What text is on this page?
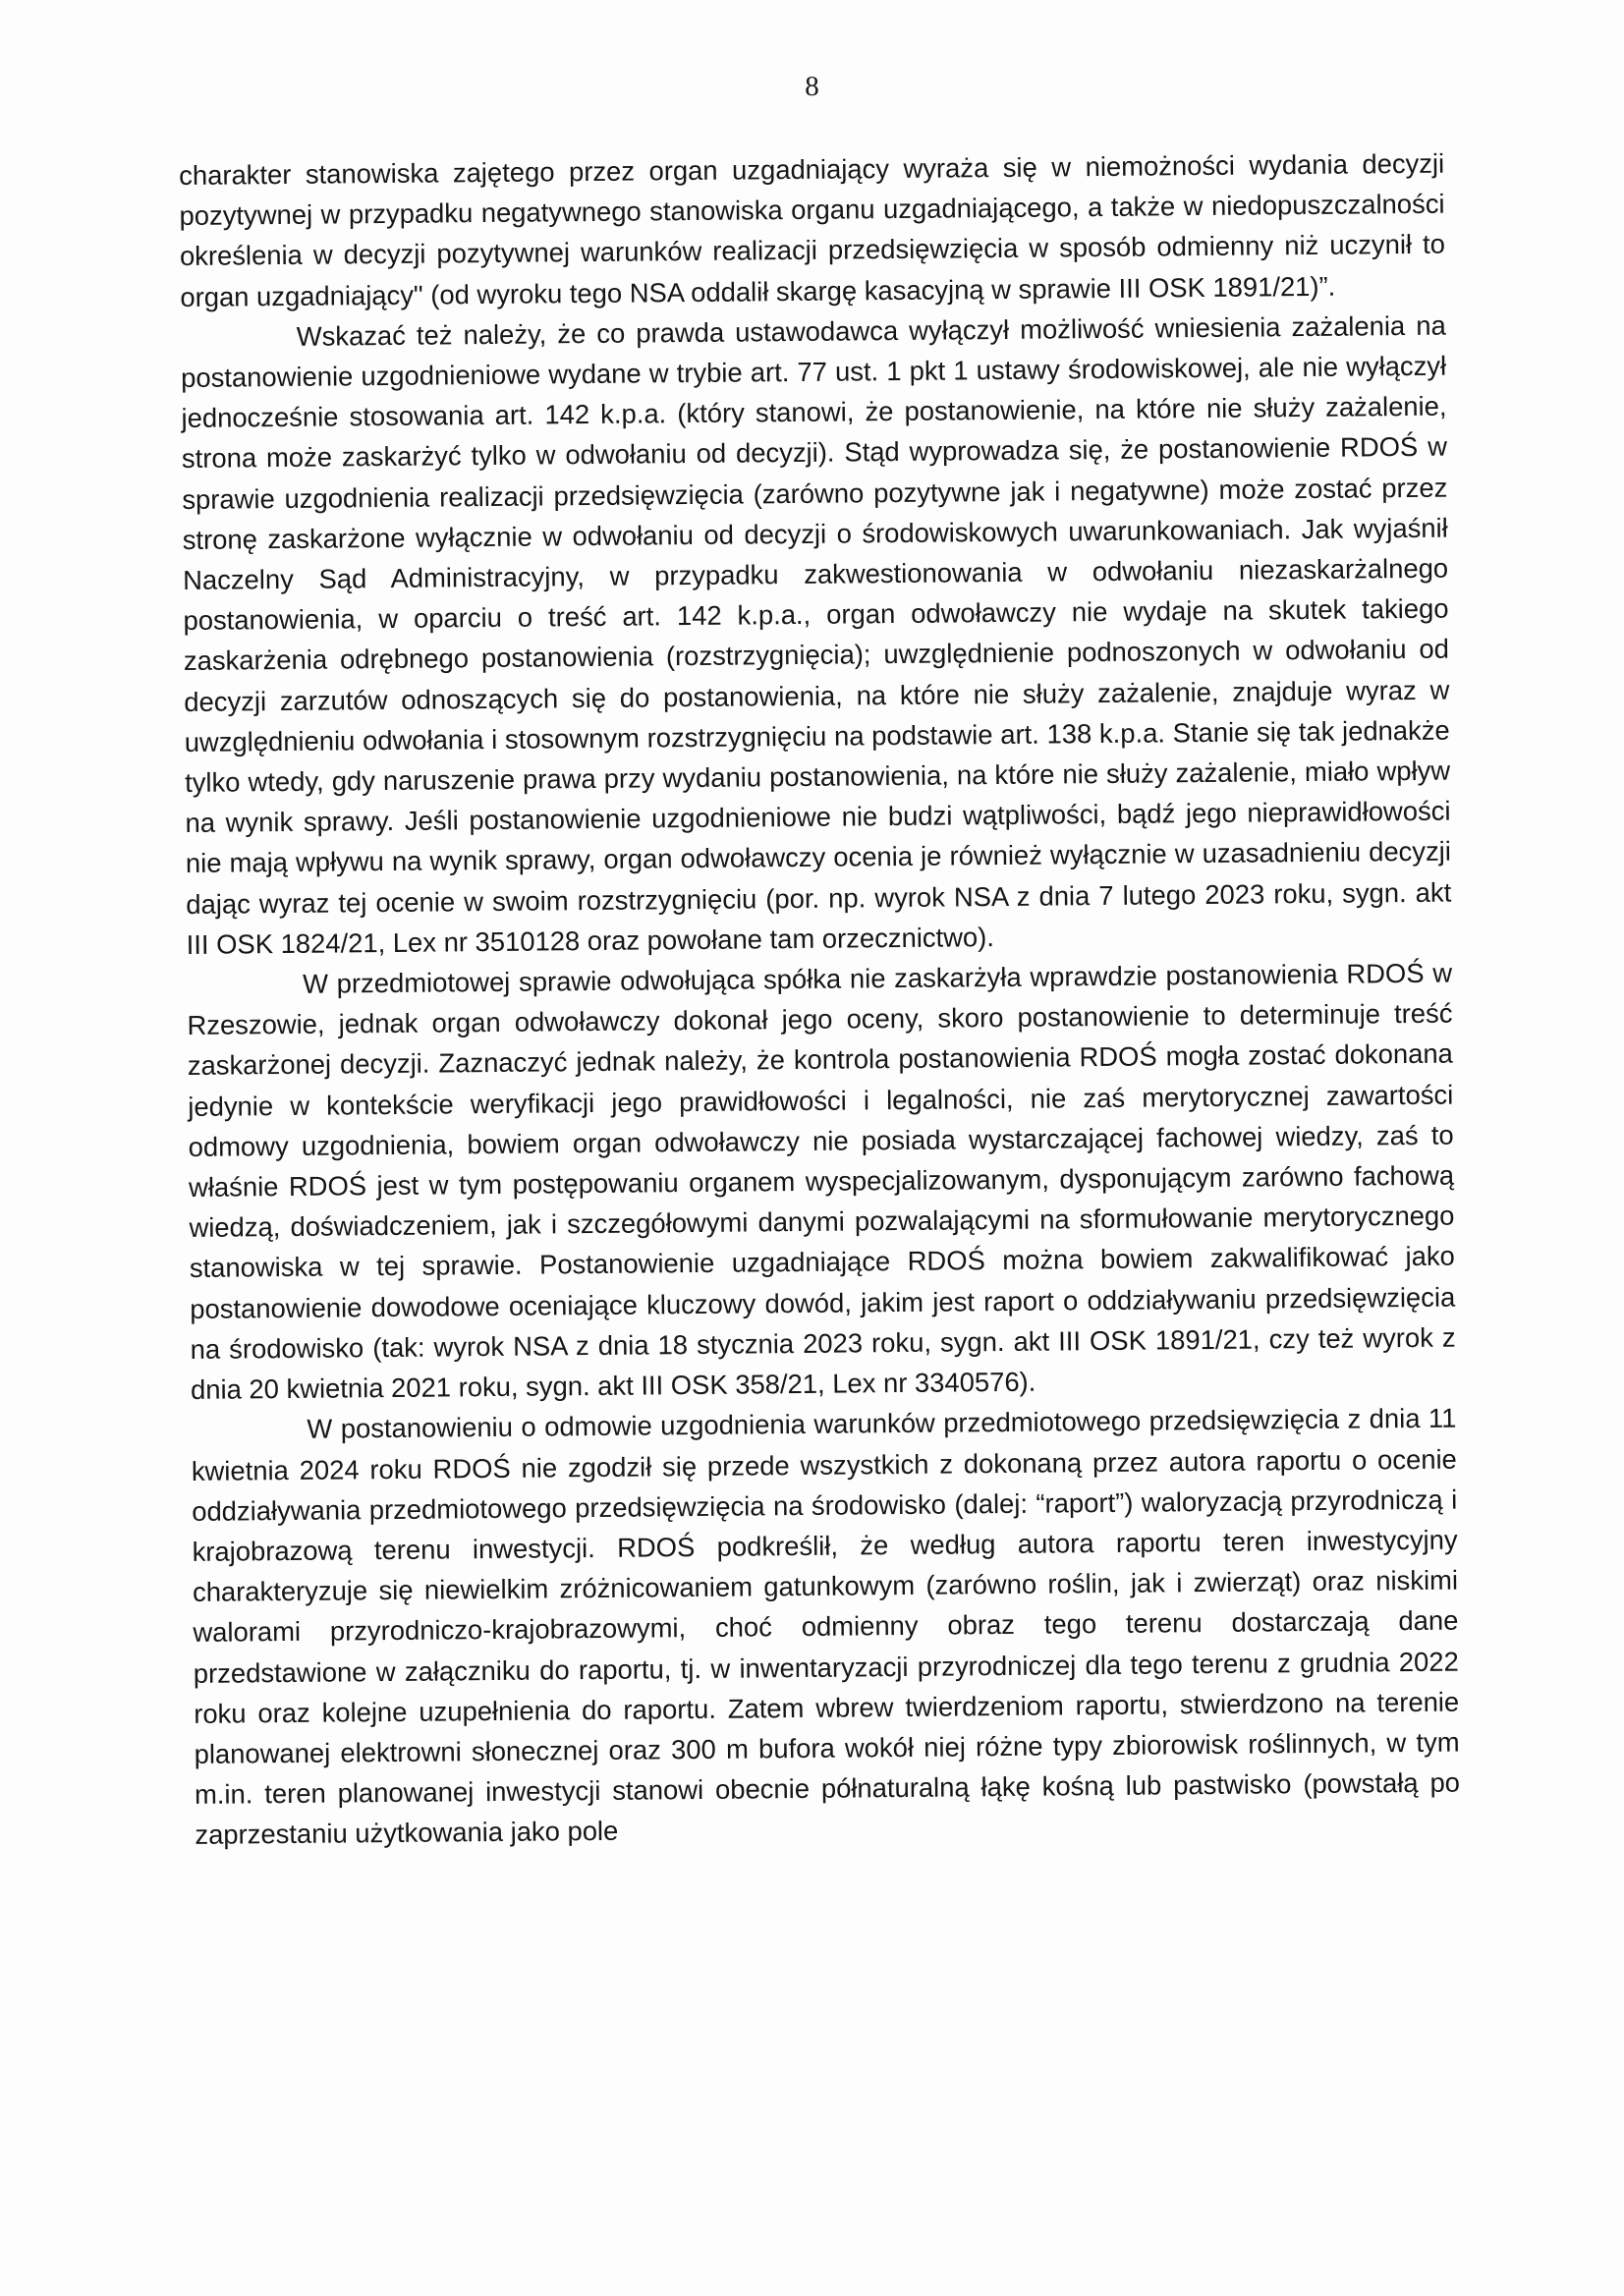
8

charakter stanowiska zajętego przez organ uzgadniający wyraża się w niemożności wydania decyzji pozytywnej w przypadku negatywnego stanowiska organu uzgadniającego, a także w niedopuszczalności określenia w decyzji pozytywnej warunków realizacji przedsięwzięcia w sposób odmienny niż uczynił to organ uzgadniający" (od wyroku tego NSA oddalił skargę kasacyjną w sprawie III OSK 1891/21)”.

Wskazać też należy, że co prawda ustawodawca wyłączył możliwość wniesienia zażalenia na postanowienie uzgodnieniowe wydane w trybie art. 77 ust. 1 pkt 1 ustawy środowiskowej, ale nie wyłączył jednocześnie stosowania art. 142 k.p.a. (który stanowi, że postanowienie, na które nie służy zażalenie, strona może zaskarżyć tylko w odwołaniu od decyzji). Stąd wyprowadza się, że postanowienie RDOŚ w sprawie uzgodnienia realizacji przedsięwzięcia (zarówno pozytywne jak i negatywne) może zostać przez stronę zaskarżone wyłącznie w odwołaniu od decyzji o środowiskowych uwarunkowaniach. Jak wyjaśnił Naczelny Sąd Administracyjny, w przypadku zakwestionowania w odwołaniu niezaskarżalnego postanowienia, w oparciu o treść art. 142 k.p.a., organ odwoławczy nie wydaje na skutek takiego zaskarżenia odrębnego postanowienia (rozstrzygnięcia); uwzględnienie podnoszonych w odwołaniu od decyzji zarzutów odnoszących się do postanowienia, na które nie służy zażalenie, znajduje wyraz w uwzględnieniu odwołania i stosownym rozstrzygnięciu na podstawie art. 138 k.p.a. Stanie się tak jednakże tylko wtedy, gdy naruszenie prawa przy wydaniu postanowienia, na które nie służy zażalenie, miało wpływ na wynik sprawy. Jeśli postanowienie uzgodnieniowe nie budzi wątpliwości, bądź jego nieprawidłowości nie mają wpływu na wynik sprawy, organ odwoławczy ocenia je również wyłącznie w uzasadnieniu decyzji dając wyraz tej ocenie w swoim rozstrzygnięciu (por. np. wyrok NSA z dnia 7 lutego 2023 roku, sygn. akt III OSK 1824/21, Lex nr 3510128 oraz powołane tam orzecznictwo).

W przedmiotowej sprawie odwołująca spółka nie zaskarżyła wprawdzie postanowienia RDOŚ w Rzeszowie, jednak organ odwoławczy dokonał jego oceny, skoro postanowienie to determinuje treść zaskarżonej decyzji. Zaznaczyć jednak należy, że kontrola postanowienia RDOŚ mogła zostać dokonana jedynie w kontekście weryfikacji jego prawidłowości i legalności, nie zaś merytorycznej zawartości odmowy uzgodnienia, bowiem organ odwoławczy nie posiada wystarczającej fachowej wiedzy, zaś to właśnie RDOŚ jest w tym postępowaniu organem wyspecjalizowanym, dysponującym zarówno fachową wiedzą, doświadczeniem, jak i szczegółowymi danymi pozwalającymi na sformułowanie merytorycznego stanowiska w tej sprawie. Postanowienie uzgadniające RDOŚ można bowiem zakwalifikować jako postanowienie dowodowe oceniające kluczowy dowód, jakim jest raport o oddziaływaniu przedsięwzięcia na środowisko (tak: wyrok NSA z dnia 18 stycznia 2023 roku, sygn. akt III OSK 1891/21, czy też wyrok z dnia 20 kwietnia 2021 roku, sygn. akt III OSK 358/21, Lex nr 3340576).

W postanowieniu o odmowie uzgodnienia warunków przedmiotowego przedsięwzięcia z dnia 11 kwietnia 2024 roku RDOŚ nie zgodził się przede wszystkich z dokonaną przez autora raportu o ocenie oddziaływania przedmiotowego przedsięwzięcia na środowisko (dalej: “raport”) waloryzacją przyrodniczą i krajobrazową terenu inwestycji. RDOŚ podkreślił, że według autora raportu teren inwestycyjny charakteryzuje się niewielkim zróżnicowaniem gatunkowym (zarówno roślin, jak i zwierząt) oraz niskimi walorami przyrodniczo-krajobrazowymi, choć odmienny obraz tego terenu dostarczają dane przedstawione w załączniku do raportu, tj. w inwentaryzacji przyrodniczej dla tego terenu z grudnia 2022 roku oraz kolejne uzupełnienia do raportu. Zatem wbrew twierdzeniom raportu, stwierdzono na terenie planowanej elektrowni słonecznej oraz 300 m bufora wokół niej różne typy zbiorowisk roślinnych, w tym m.in. teren planowanej inwestycji stanowi obecnie półnaturalną łąkę kośną lub pastwisko (powstałą po zaprzestaniu użytkowania jako pole
